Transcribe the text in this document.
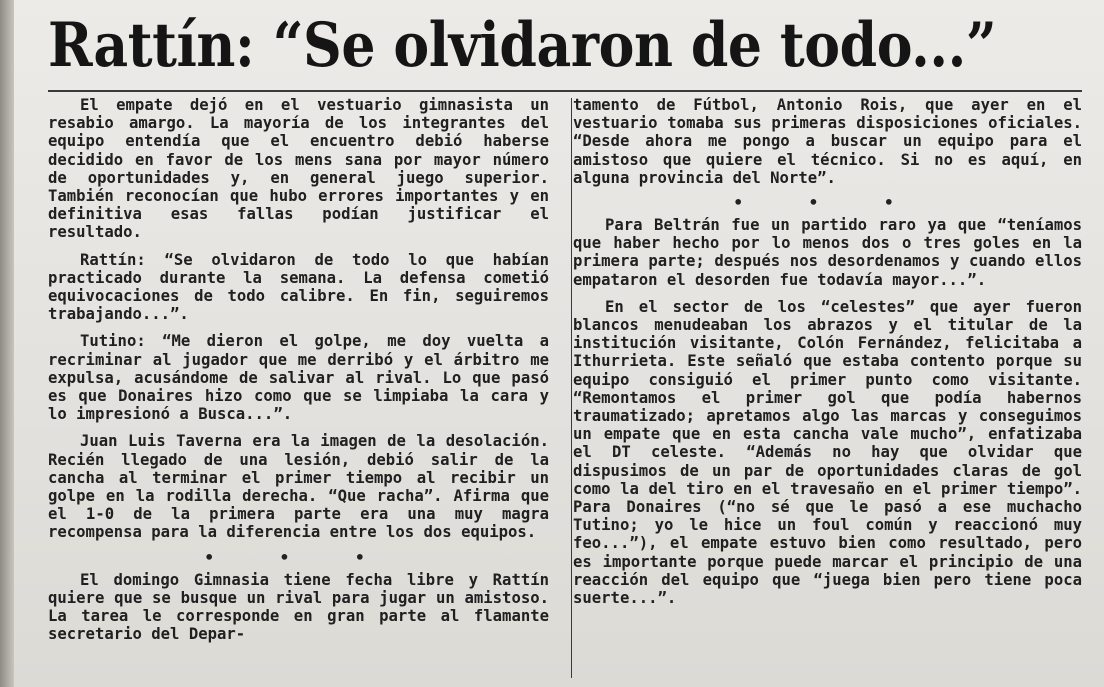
Rattín: “Se olvidaron de todo...”

El empate dejó en el vestuario gimnasista un resabio amargo. La mayoría de los integrantes del equipo entendía que el encuentro debió haberse decidido en favor de los mens sana por mayor número de oportunidades y, en general juego superior. También reconocían que hubo errores importantes y en definitiva esas fallas podían justificar el resultado.

Rattín: “Se olvidaron de todo lo que habían practicado durante la semana. La defensa cometió equivocaciones de todo calibre. En fin, seguiremos trabajando...”.

Tutino: “Me dieron el golpe, me doy vuelta a recriminar al jugador que me derribó y el árbitro me expulsa, acusándome de salivar al rival. Lo que pasó es que Donaires hizo como que se limpiaba la cara y lo impresionó a Busca...”.

Juan Luis Taverna era la imagen de la desolación. Recién llegado de una lesión, debió salir de la cancha al terminar el primer tiempo al recibir un golpe en la rodilla derecha. “Que racha”. Afirma que el 1-0 de la primera parte era una muy magra recompensa para la diferencia entre los dos equipos.

• • •

El domingo Gimnasia tiene fecha libre y Rattín quiere que se busque un rival para jugar un amistoso. La tarea le corresponde en gran parte al flamante secretario del Depar-

tamento de Fútbol, Antonio Rois, que ayer en el vestuario tomaba sus primeras disposiciones oficiales. “Desde ahora me pongo a buscar un equipo para el amistoso que quiere el técnico. Si no es aquí, en alguna provincia del Norte”.

• • •

Para Beltrán fue un partido raro ya que “teníamos que haber hecho por lo menos dos o tres goles en la primera parte; después nos desordenamos y cuando ellos empataron el desorden fue todavía mayor...”.

En el sector de los “celestes” que ayer fueron blancos menudeaban los abrazos y el titular de la institución visitante, Colón Fernández, felicitaba a Ithurrieta. Este señaló que estaba contento porque su equipo consiguió el primer punto como visitante. “Remontamos el primer gol que podía habernos traumatizado; apretamos algo las marcas y conseguimos un empate que en esta cancha vale mucho”, enfatizaba el DT celeste. “Además no hay que olvidar que dispusimos de un par de oportunidades claras de gol como la del tiro en el travesaño en el primer tiempo”. Para Donaires (“no sé que le pasó a ese muchacho Tutino; yo le hice un foul común y reaccionó muy feo...”), el empate estuvo bien como resultado, pero es importante porque puede marcar el principio de una reacción del equipo que “juega bien pero tiene poca suerte...”.
